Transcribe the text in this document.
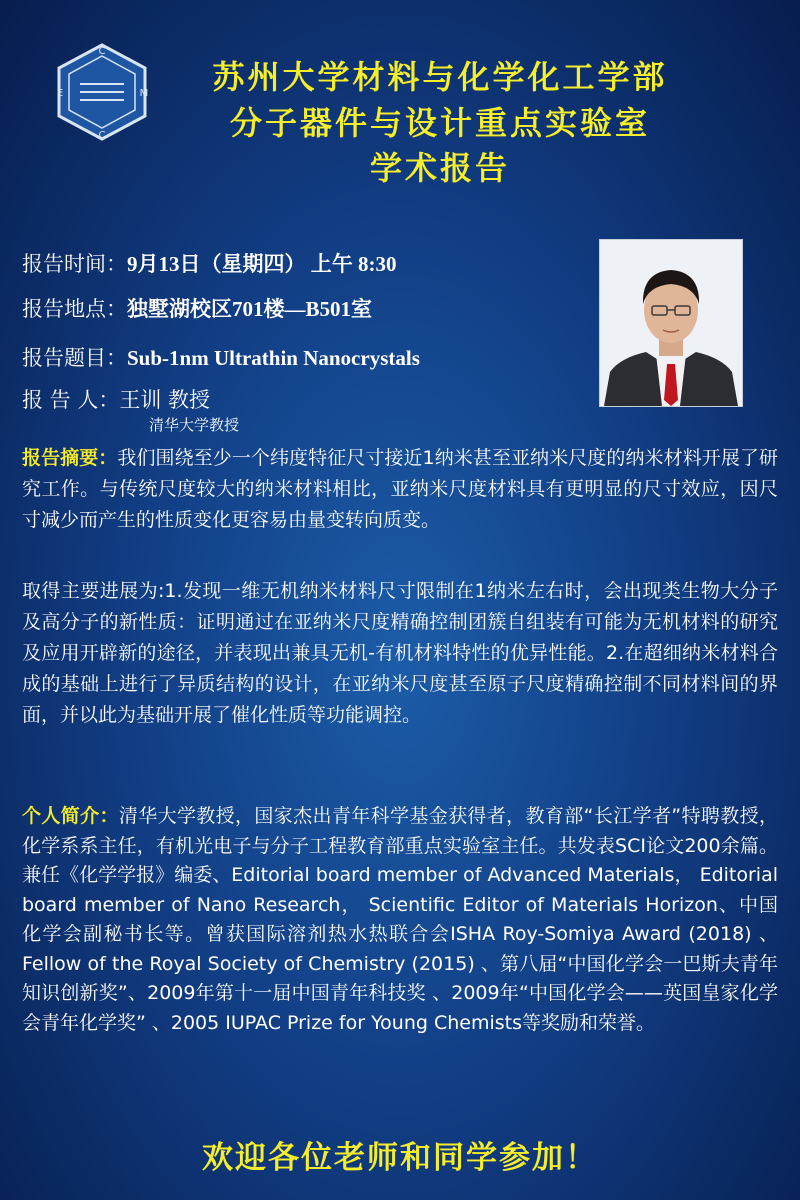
C
M
C
E	苏州大学材料与化学化工学部
分子器件与设计重点实验室
学术报告
报告时间：9月13日（星期四） 上午 8:30
报告地点：独墅湖校区701楼—B501室
报告题目：Sub-1nm Ultrathin Nanocrystals
报 告 人：王训 教授
清华大学教授

报告摘要：我们围绕至少一个纬度特征尺寸接近1纳米甚至亚纳米尺度的纳米材料开展了研究工作。与传统尺度较大的纳米材料相比，亚纳米尺度材料具有更明显的尺寸效应，因尺寸减少而产生的性质变化更容易由量变转向质变。

取得主要进展为:1.发现一维无机纳米材料尺寸限制在1纳米左右时，会出现类生物大分子及高分子的新性质：证明通过在亚纳米尺度精确控制团簇自组装有可能为无机材料的研究及应用开辟新的途径，并表现出兼具无机-有机材料特性的优异性能。2.在超细纳米材料合成的基础上进行了异质结构的设计，在亚纳米尺度甚至原子尺度精确控制不同材料间的界面，并以此为基础开展了催化性质等功能调控。

个人简介：清华大学教授，国家杰出青年科学基金获得者，教育部“长江学者”特聘教授，化学系系主任，有机光电子与分子工程教育部重点实验室主任。共发表SCI论文200余篇。兼任《化学学报》编委、Editorial board member of Advanced Materials， Editorial board member of Nano Research， Scientific Editor of Materials Horizon、中国化学会副秘书长等。曾获国际溶剂热水热联合会ISHA Roy-Somiya Award (2018) 、Fellow of the Royal Society of Chemistry (2015) 、第八届“中国化学会一巴斯夫青年知识创新奖”、2009年第十一届中国青年科技奖 、2009年“中国化学会——英国皇家化学会青年化学奖” 、2005 IUPAC Prize for Young Chemists等奖励和荣誉。

欢迎各位老师和同学参加！
